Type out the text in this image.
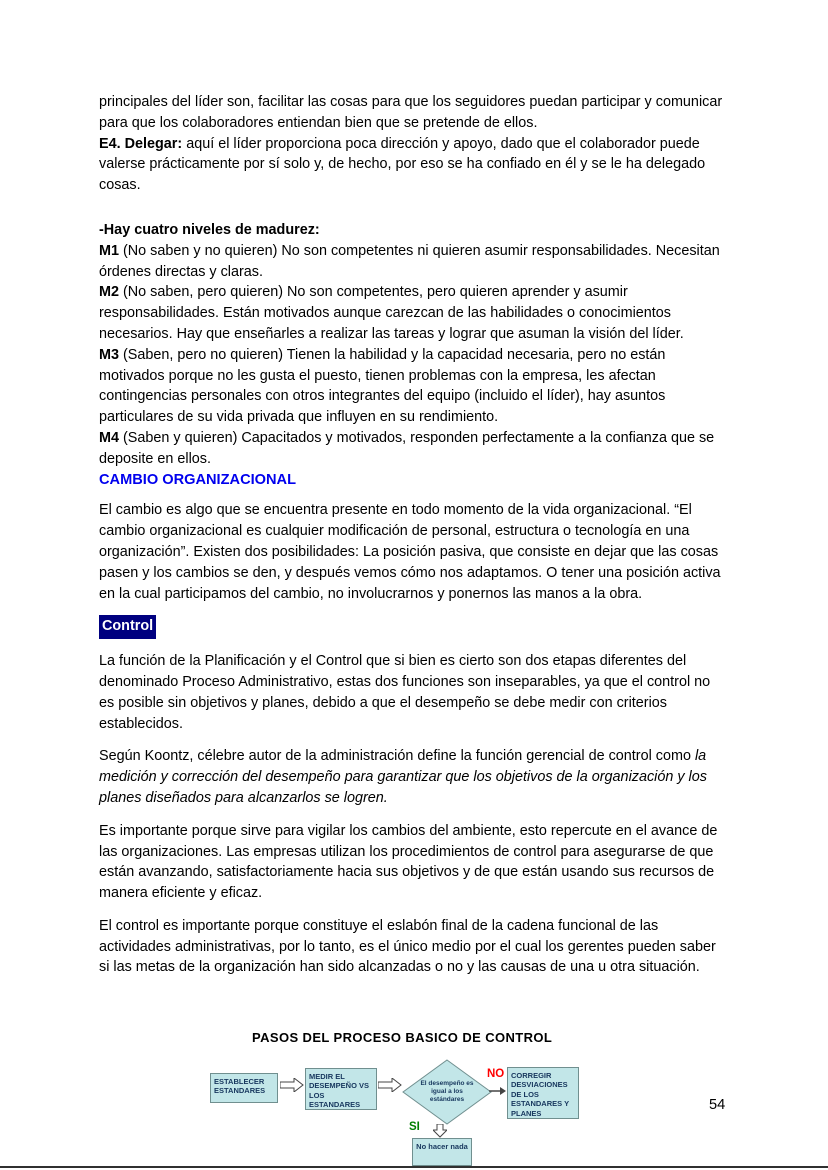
principales del líder son, facilitar las cosas para que los seguidores puedan participar y comunicar para que los colaboradores entiendan bien que se pretende de ellos.

E4. Delegar: aquí el líder proporciona poca dirección y apoyo, dado que el colaborador puede valerse prácticamente por sí solo y, de hecho, por eso se ha confiado en él y se le ha delegado cosas.

-Hay cuatro niveles de madurez:

M1 (No saben y no quieren) No son competentes ni quieren asumir responsabilidades. Necesitan órdenes directas y claras.

M2 (No saben, pero quieren) No son competentes, pero quieren aprender y asumir responsabilidades. Están motivados aunque carezcan de las habilidades o conocimientos necesarios. Hay que enseñarles a realizar las tareas y lograr que asuman la visión del líder.

M3 (Saben, pero no quieren) Tienen la habilidad y la capacidad necesaria, pero no están motivados porque no les gusta el puesto, tienen problemas con la empresa, les afectan contingencias personales con otros integrantes del equipo (incluido el líder), hay asuntos particulares de su vida privada que influyen en su rendimiento.

M4 (Saben y quieren) Capacitados y motivados, responden perfectamente a la confianza que se deposite en ellos.

CAMBIO ORGANIZACIONAL

El cambio es algo que se encuentra presente en todo momento de la vida organizacional. “El cambio organizacional es cualquier modificación de personal, estructura o tecnología en una organización”. Existen dos posibilidades: La posición pasiva, que consiste en dejar que las cosas pasen y los cambios se den, y después vemos cómo nos adaptamos. O tener una posición activa en la cual participamos del cambio, no involucrarnos y ponernos las manos a la obra.

Control

La función de la Planificación y el Control que si bien es cierto son dos etapas diferentes del denominado Proceso Administrativo, estas dos funciones son inseparables, ya que el control no es posible sin objetivos y planes, debido a que el desempeño se debe medir con criterios establecidos.

Según Koontz, célebre autor de la administración define la función gerencial de control como la medición y corrección del desempeño para garantizar que los objetivos de la organización y los planes diseñados para alcanzarlos se logren.

Es importante porque sirve para vigilar los cambios del ambiente, esto repercute en el avance de las organizaciones. Las empresas utilizan los procedimientos de control para asegurarse de que están avanzando, satisfactoriamente hacia sus objetivos y de que están usando sus recursos de manera eficiente y eficaz.

El control es importante porque constituye el eslabón final de la cadena funcional de las actividades administrativas, por lo tanto, es el único medio por el cual los gerentes pueden saber si las metas de la organización han sido alcanzadas o no y las causas de una u otra situación.

PASOS DEL PROCESO BASICO DE CONTROL
ESTABLECER ESTANDARES
MEDIR EL DESEMPEÑO VS LOS ESTANDARES
El desempeño es igual a los estándares
NO CORREGIR DESVIACIONES DE LOS ESTANDARES Y PLANES
SI
No hacer nada
54
